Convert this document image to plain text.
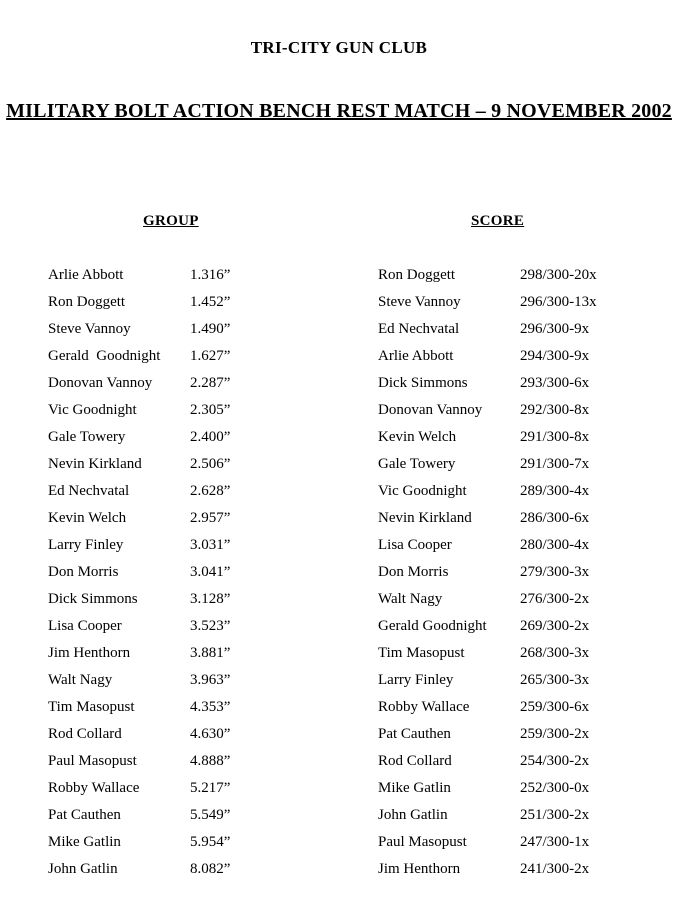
TRI-CITY GUN CLUB
MILITARY BOLT ACTION BENCH REST MATCH – 9 NOVEMBER 2002
GROUP	SCORE
Arlie Abbott	1.316”
Ron Doggett	1.452”
Steve Vannoy	1.490”
Gerald  Goodnight 1.627”
Donovan Vannoy	2.287”
Vic Goodnight	2.305”
Gale Towery	2.400”
Nevin Kirkland	2.506”
Ed Nechvatal	2.628”
Kevin Welch	2.957”
Larry Finley	3.031”
Don Morris	3.041”
Dick Simmons	3.128”
Lisa Cooper	3.523”
Jim Henthorn	3.881”
Walt Nagy	3.963”
Tim Masopust	4.353”
Rod Collard	4.630”
Paul Masopust	4.888”
Robby Wallace	5.217”
Pat Cauthen	5.549”
Mike Gatlin	5.954”
John Gatlin	8.082”
Ron Doggett	298/300-20x
Steve Vannoy	296/300-13x
Ed Nechvatal	296/300-9x
Arlie Abbott	294/300-9x
Dick Simmons	293/300-6x
Donovan Vannoy	292/300-8x
Kevin Welch	291/300-8x
Gale Towery	291/300-7x
Vic Goodnight	289/300-4x
Nevin Kirkland	286/300-6x
Lisa Cooper	280/300-4x
Don Morris	279/300-3x
Walt Nagy	276/300-2x
Gerald Goodnight 269/300-2x
Tim Masopust	268/300-3x
Larry Finley	265/300-3x
Robby Wallace	259/300-6x
Pat Cauthen	259/300-2x
Rod Collard	254/300-2x
Mike Gatlin	252/300-0x
John Gatlin	251/300-2x
Paul Masopust	247/300-1x
Jim Henthorn	241/300-2x
